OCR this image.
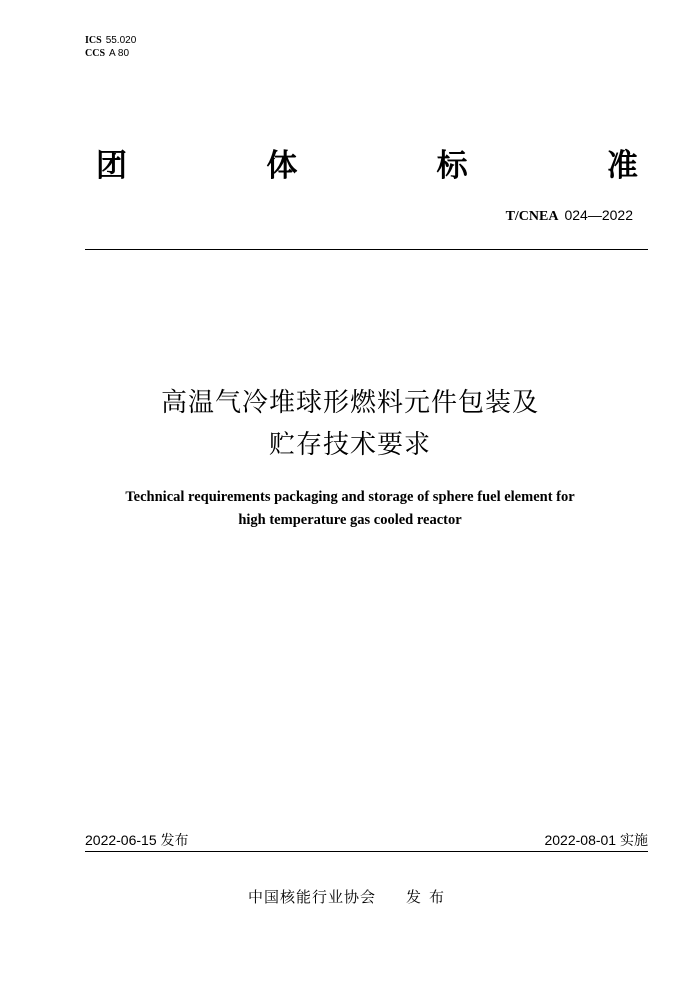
ICS 55.020
CCS A 80
团	体	标	准
T/CNEA 024—2022
高温气冷堆球形燃料元件包装及
贮存技术要求
Technical requirements packaging and storage of sphere fuel element for
high temperature gas cooled reactor
2022-06-15 发布	2022-08-01 实施
中国核能行业协会 发布
